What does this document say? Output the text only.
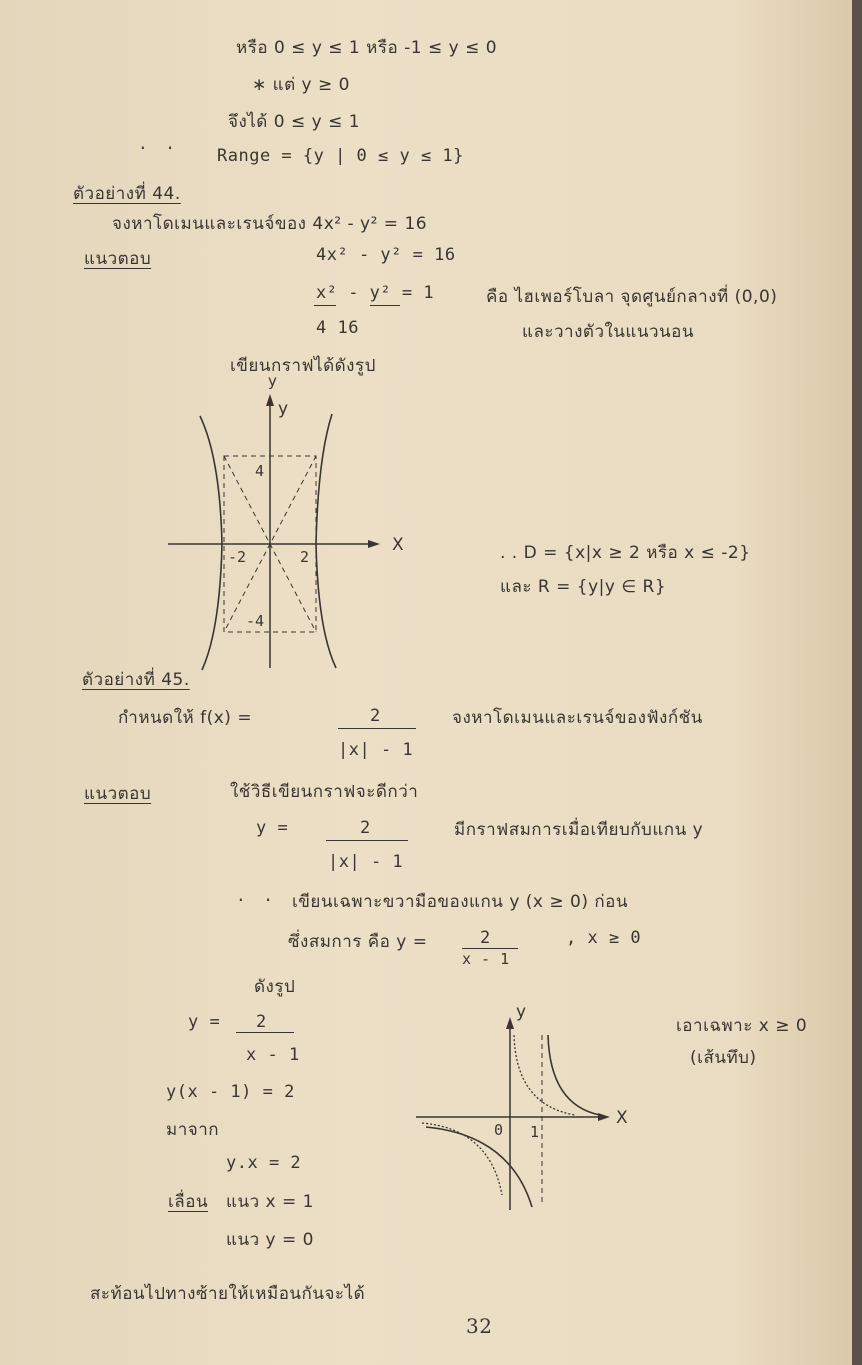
หรือ 0 ≤ y ≤ 1 หรือ -1 ≤ y ≤ 0
∗ แต่ y ≥ 0
จึงได้ 0 ≤ y ≤ 1
. .
Range = {y | 0 ≤ y ≤ 1}
ตัวอย่างที่ 44.
จงหาโดเมนและเรนจ์ของ 4x² - y² = 16
แนวตอบ	4x² - y² = 16
x² - y² = 1	คือ ไฮเพอร์โบลา จุดศูนย์กลางที่ (0,0)
4 16	และวางตัวในแนวนอน
เขียนกราฟได้ดังรูป
4
-4
-2	2
y
y
X	. . D = {x|x ≥ 2 หรือ x ≤ -2}
และ R = {y|y ∈ R}
ตัวอย่างที่ 45.
กำหนดให้ f(x) =	2
|x| - 1
จงหาโดเมนและเรนจ์ของฟังก์ชัน
แนวตอบ	ใช้วิธีเขียนกราฟจะดีกว่า
y =	2
|x| - 1
มีกราฟสมการเมื่อเทียบกับแกน y
. . เขียนเฉพาะขวามือของแกน y (x ≥ 0) ก่อน
ซึ่งสมการ คือ y =	2
x - 1
, x ≥ 0
ดังรูป
y = 2
x - 1
y(x - 1) = 2
มาจาก
y.x = 2
เลื่อน แนว x = 1
แนว y = 0
0 1
y
X
เอาเฉพาะ x ≥ 0
(เส้นทึบ)
สะท้อนไปทางซ้ายให้เหมือนกันจะได้
32
